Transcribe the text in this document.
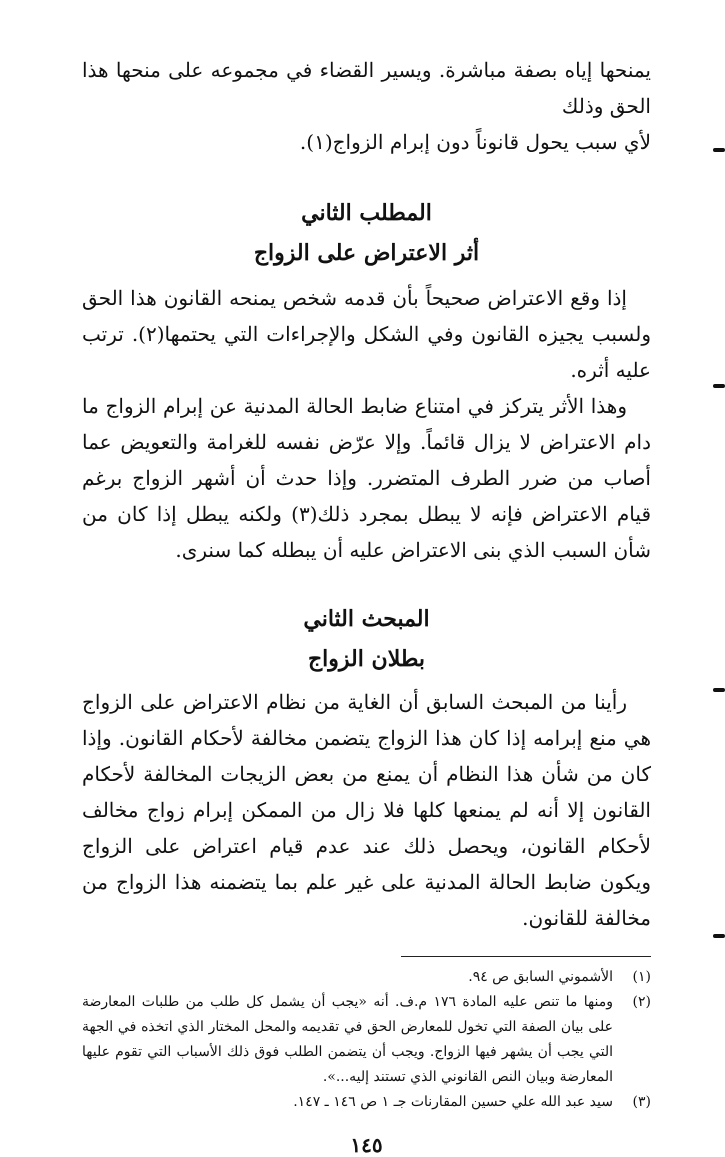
يمنحها إياه بصفة مباشرة. ويسير القضاء في مجموعه على منحها هذا الحق وذلك

لأي سبب يحول قانوناً دون إبرام الزواج(١).

المطلب الثاني
أثر الاعتراض على الزواج

إذا وقع الاعتراض صحيحاً بأن قدمه شخص يمنحه القانون هذا الحق ولسبب يجيزه القانون وفي الشكل والإجراءات التي يحتمها(٢). ترتب عليه أثره.

وهذا الأثر يتركز في امتناع ضابط الحالة المدنية عن إبرام الزواج ما دام الاعتراض لا يزال قائماً. وإلا عرّض نفسه للغرامة والتعويض عما أصاب من ضرر الطرف المتضرر. وإذا حدث أن أشهر الزواج برغم قيام الاعتراض فإنه لا يبطل بمجرد ذلك(٣) ولكنه يبطل إذا كان من شأن السبب الذي بنى الاعتراض عليه أن يبطله كما سنرى.

المبحث الثاني
بطلان الزواج

رأينا من المبحث السابق أن الغاية من نظام الاعتراض على الزواج هي منع إبرامه إذا كان هذا الزواج يتضمن مخالفة لأحكام القانون. وإذا كان من شأن هذا النظام أن يمنع من بعض الزيجات المخالفة لأحكام القانون إلا أنه لم يمنعها كلها فلا زال من الممكن إبرام زواج مخالف لأحكام القانون، ويحصل ذلك عند عدم قيام اعتراض على الزواج ويكون ضابط الحالة المدنية على غير علم بما يتضمنه هذا الزواج من مخالفة للقانون.

(١)
الأشموني السابق ص ٩٤.
(٢)
ومنها ما تنص عليه المادة ١٧٦ م.ف. أنه «يجب أن يشمل كل طلب من طلبات المعارضة على بيان الصفة التي تخول للمعارض الحق في تقديمه والمحل المختار الذي اتخذه في الجهة التي يجب أن يشهر فيها الزواج. ويجب أن يتضمن الطلب فوق ذلك الأسباب التي تقوم عليها المعارضة وبيان النص القانوني الذي تستند إليه...».
(٣)
سيد عبد الله علي حسين المقارنات جـ ١ ص ١٤٦ ـ ١٤٧.
١٤٥
